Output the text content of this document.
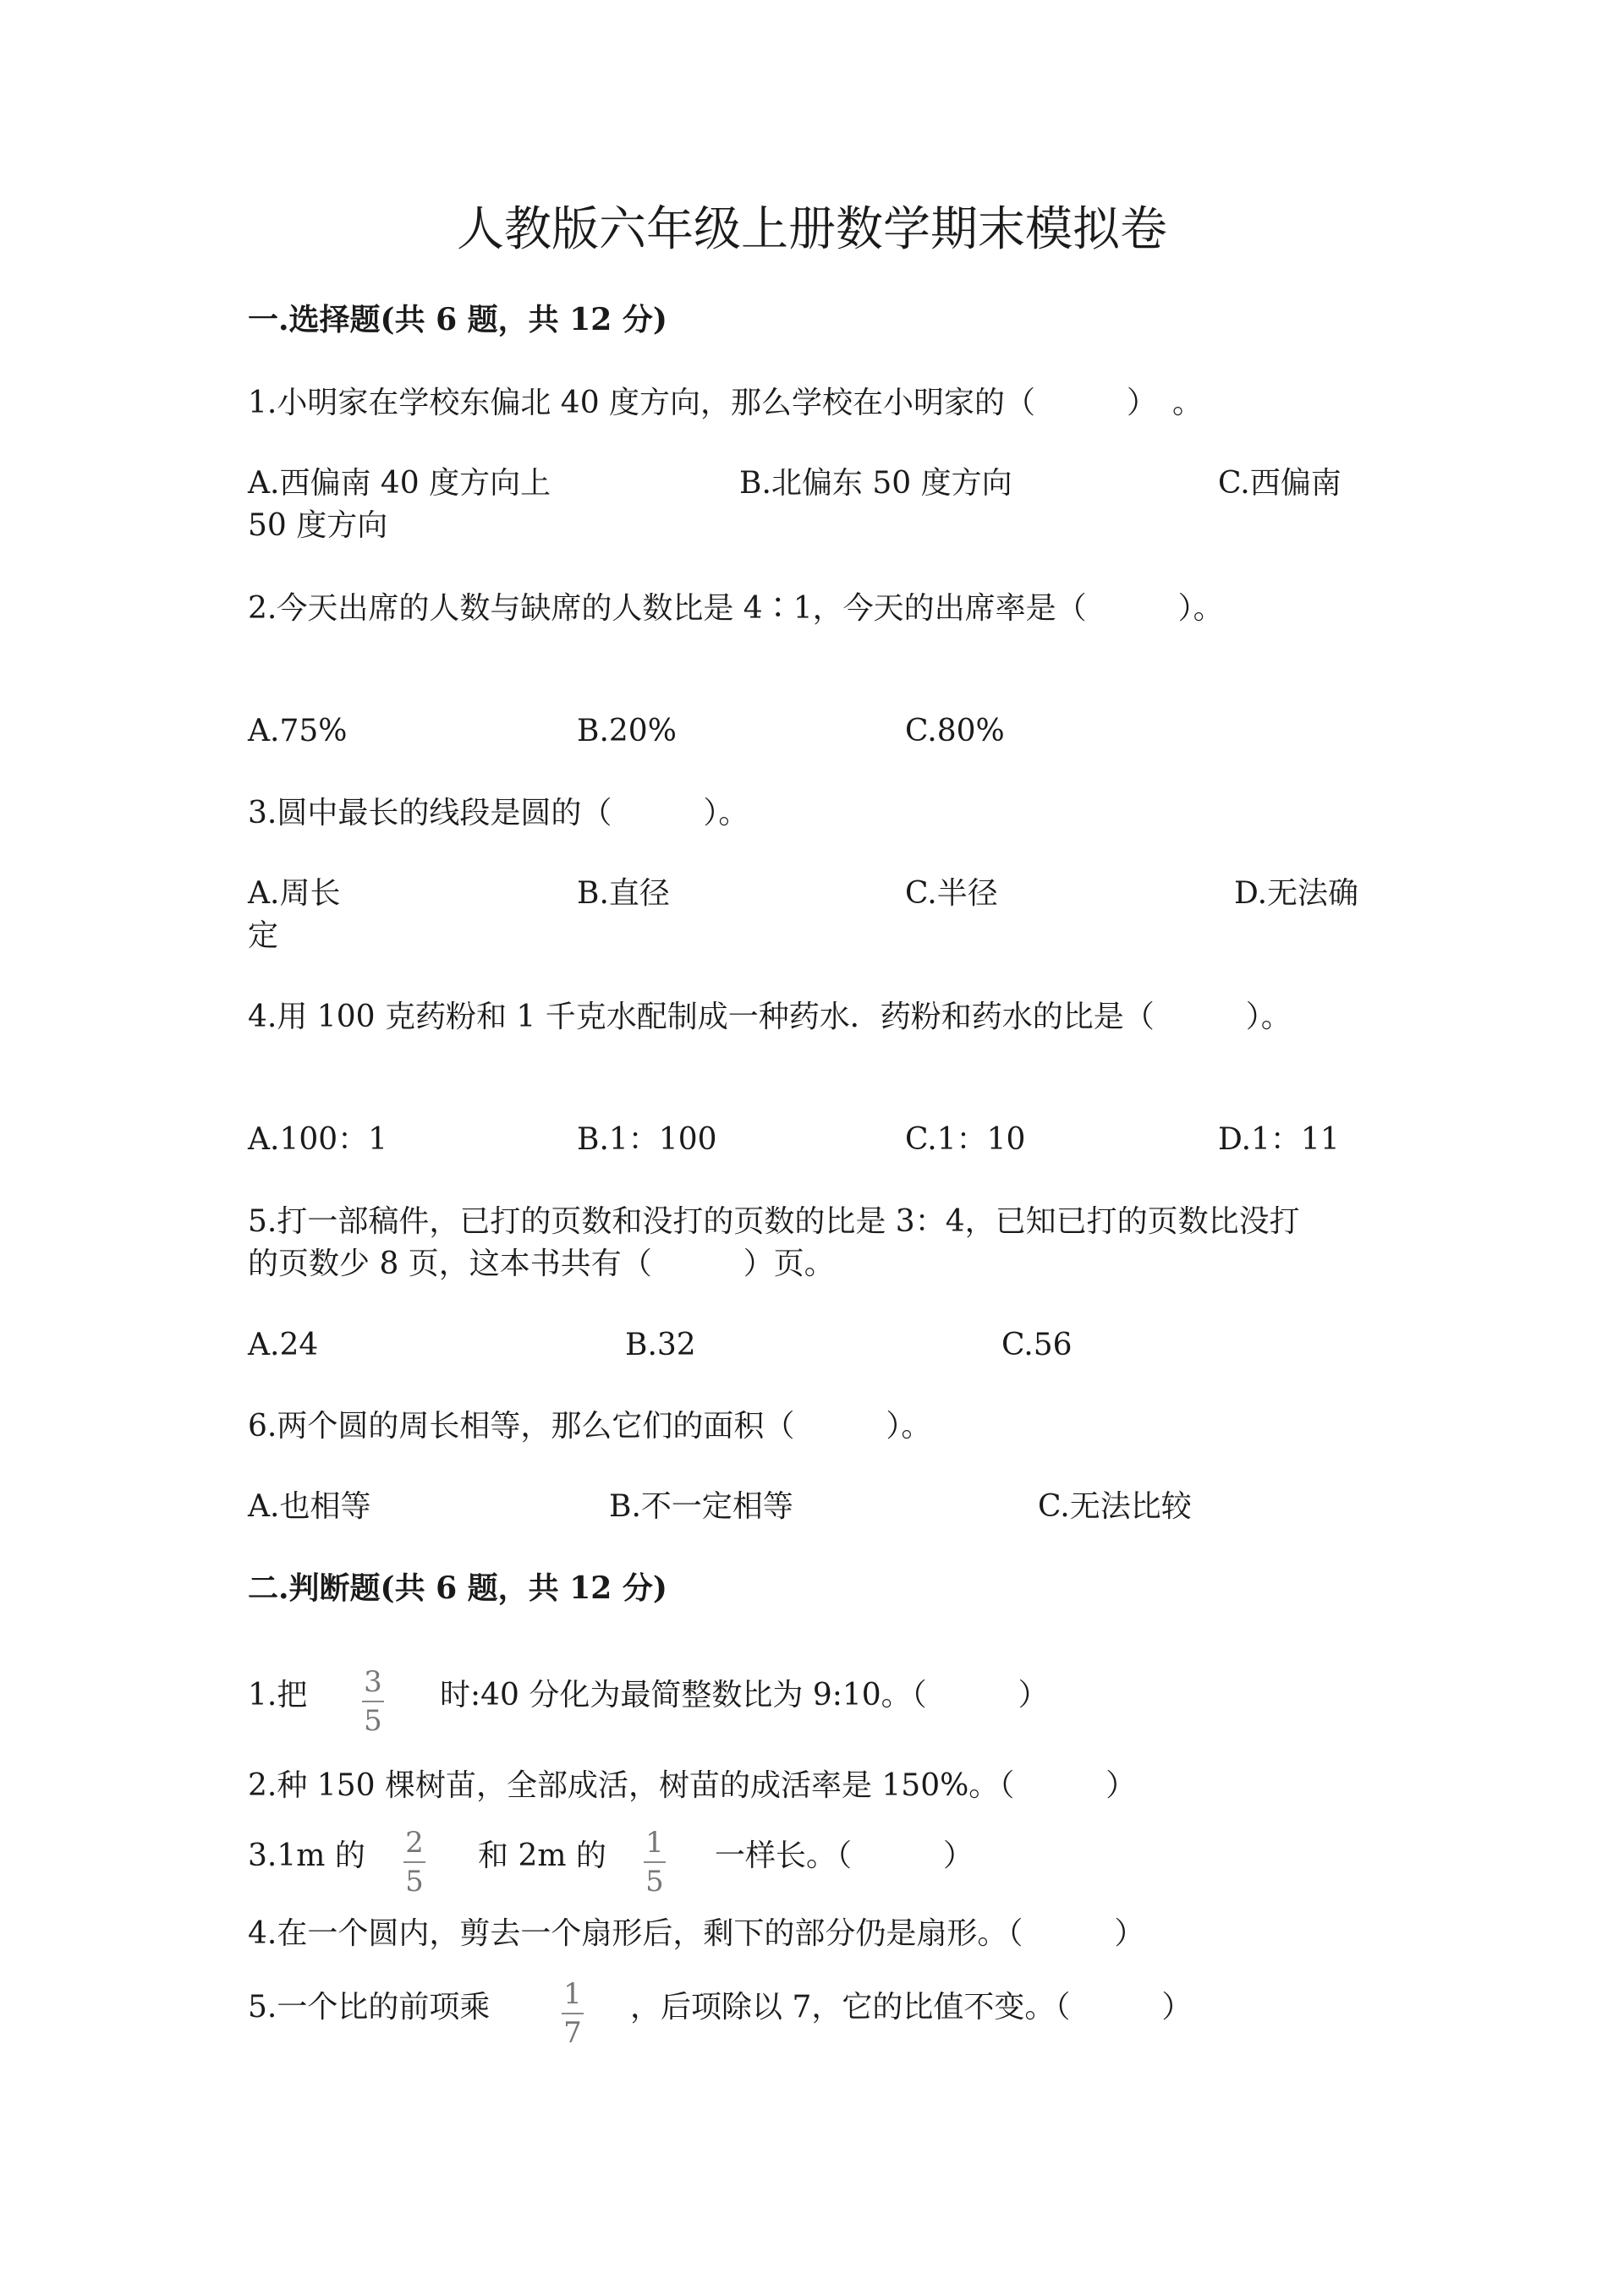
人教版六年级上册数学期末模拟卷
一.选择题(共 6 题，共 12 分)
1.小明家在学校东偏北 40 度方向，那么学校在小明家的（　　　）　。
A.西偏南 40 度方向上	B.北偏东 50 度方向	C.西偏南
50 度方向
2.今天出席的人数与缺席的人数比是 4∶1，今天的出席率是（　　　）。
A.75%	B.20%	C.80%
3.圆中最长的线段是圆的（　　　）。
A.周长	B.直径	C.半径	D.无法确
定
4.用 100 克药粉和 1 千克水配制成一种药水．药粉和药水的比是（　　　）。
A.100：1	B.1：100	C.1：10	D.1：11
5.打一部稿件，已打的页数和没打的页数的比是 3：4，已知已打的页数比没打
的页数少 8 页，这本书共有（　　　）页。
A.24	B.32	C.56
6.两个圆的周长相等，那么它们的面积（　　　）。
A.也相等	B.不一定相等	C.无法比较
二.判断题(共 6 题，共 12 分)
1.把 3
5
时:40 分化为最简整数比为 9:10。（　　　）
2.种 150 棵树苗，全部成活，树苗的成活率是 150%。（　　　）
3.1m 的 2
5
和 2m 的 1
5
一样长。（　　　）
4.在一个圆内，剪去一个扇形后，剩下的部分仍是扇形。（　　　）
5.一个比的前项乘	1
7
，后项除以 7，它的比值不变。（　　　）
